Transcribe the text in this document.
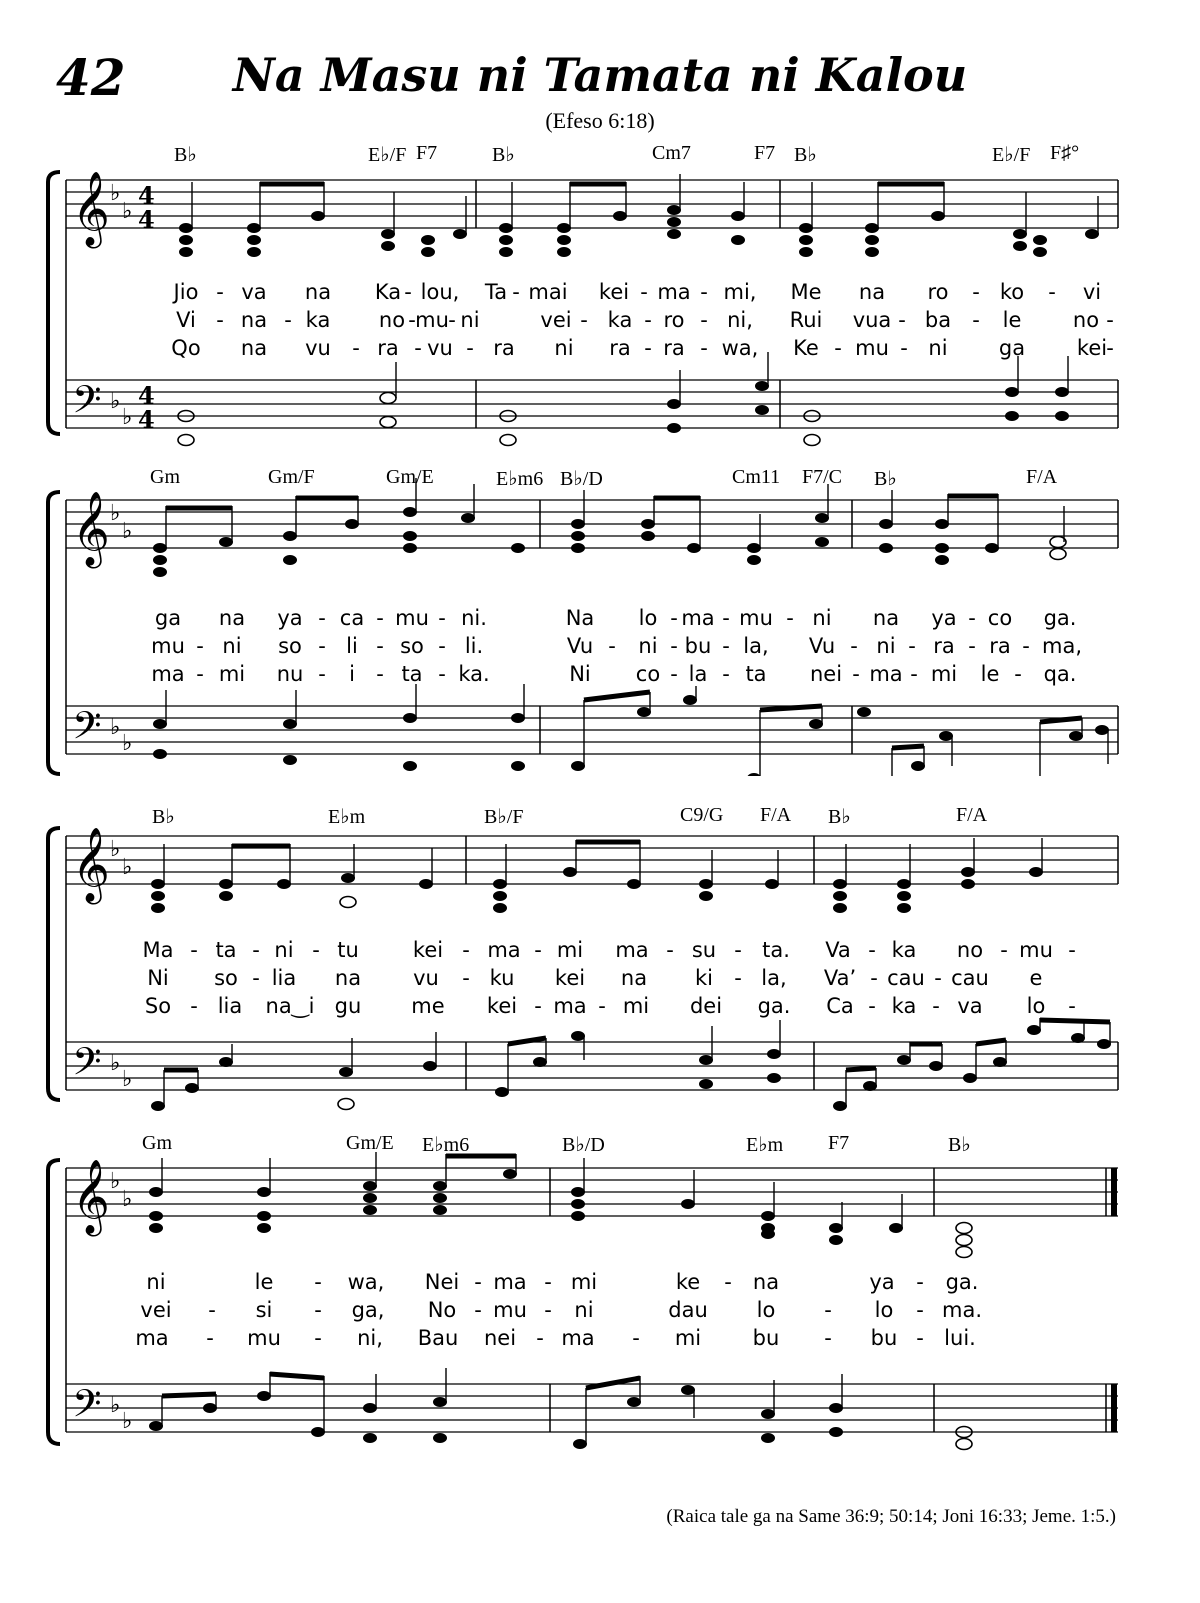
42	Na Masu ni Tamata ni Kalou
(Efeso 6:18)
B♭	E♭/F F7	B♭	Cm7	F7 B♭	E♭/F F♯°
𝄞
𝄢
♭
♭
♭
♭
4
4
4
4
Jio - va na Ka - lou, Ta - mai kei - ma - mi, Me na ro - ko - vi
Vi - na - ka no - mu - ni	vei - ka - ro - ni, Rui vua - ba - le no -
Qo na vu - ra - vu - ra ni ra - ra - wa, Ke - mu - ni ga kei -
Gm	Gm/F	Gm/E	E♭m6 B♭/D	Cm11 F7/C B♭	F/A
𝄞
𝄢
♭
♭
♭
♭
ga na ya - ca - mu - ni.	Na lo - ma - mu - ni na ya - co ga.
mu - ni so - li - so - li.	Vu - ni - bu - la, Vu - ni - ra - ra - ma,
ma - mi nu - i - ta - ka.	Ni co - la - ta nei - ma - mi le - qa.
B♭	E♭m	B♭/F	C9/G F/A B♭	F/A
𝄞
𝄢
♭
♭
♭
♭
Ma - ta - ni - tu	kei - ma - mi ma - su - ta. Va - ka no - mu -
Ni so - lia na vu - ku kei na ki - la, Va’ - cau - cau e
So - lia na‿i gu me kei - ma - mi dei ga. Ca - ka - va lo -
Gm	Gm/E E♭m6	B♭/D	E♭m F7	B♭
𝄞
𝄢
♭
♭
♭
♭
ni	le - wa, Nei - ma - mi	ke - na	ya - ga.
vei - si - ga, No - mu - ni	dau lo - lo - ma.
ma - mu - ni, Bau nei - ma - mi bu - bu - lui.
(Raica tale ga na Same 36:9; 50:14; Joni 16:33; Jeme. 1:5.)
